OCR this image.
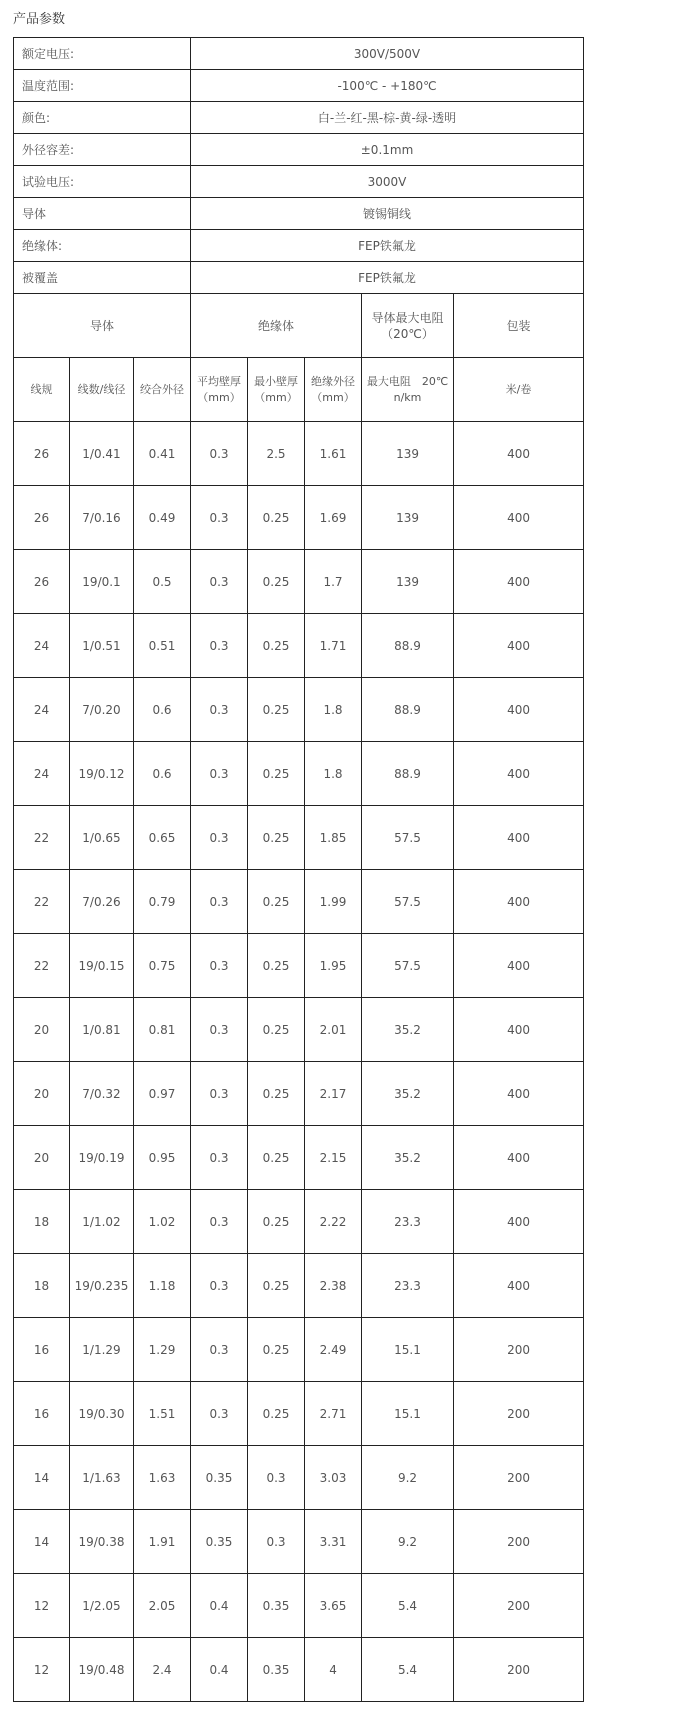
产品参数
额定电压:			300V/500V				
温度范围:			-100℃ - +180℃				
颜色:			白-兰-红-黑-棕-黄-绿-透明				
外径容差:			±0.1mm				
试验电压:			3000V				
导体			镀锡铜线				
绝缘体:			FEP铁氟龙				
被覆盖			FEP铁氟龙				
导体			绝缘体			导体最大电阻（20℃）	包装
线规	线数/线径	绞合外径	平均壁厚（mm）	最小壁厚（mm）	绝缘外径（mm）	最大电阻　20℃ n/km	米/卷
26	1/0.41	0.41	0.3	2.5	1.61	139	400
26	7/0.16	0.49	0.3	0.25	1.69	139	400
26	19/0.1	0.5	0.3	0.25	1.7	139	400
24	1/0.51	0.51	0.3	0.25	1.71	88.9	400
24	7/0.20	0.6	0.3	0.25	1.8	88.9	400
24	19/0.12	0.6	0.3	0.25	1.8	88.9	400
22	1/0.65	0.65	0.3	0.25	1.85	57.5	400
22	7/0.26	0.79	0.3	0.25	1.99	57.5	400
22	19/0.15	0.75	0.3	0.25	1.95	57.5	400
20	1/0.81	0.81	0.3	0.25	2.01	35.2	400
20	7/0.32	0.97	0.3	0.25	2.17	35.2	400
20	19/0.19	0.95	0.3	0.25	2.15	35.2	400
18	1/1.02	1.02	0.3	0.25	2.22	23.3	400
18	19/0.235	1.18	0.3	0.25	2.38	23.3	400
16	1/1.29	1.29	0.3	0.25	2.49	15.1	200
16	19/0.30	1.51	0.3	0.25	2.71	15.1	200
14	1/1.63	1.63	0.35	0.3	3.03	9.2	200
14	19/0.38	1.91	0.35	0.3	3.31	9.2	200
12	1/2.05	2.05	0.4	0.35	3.65	5.4	200
12	19/0.48	2.4	0.4	0.35	4	5.4	200
